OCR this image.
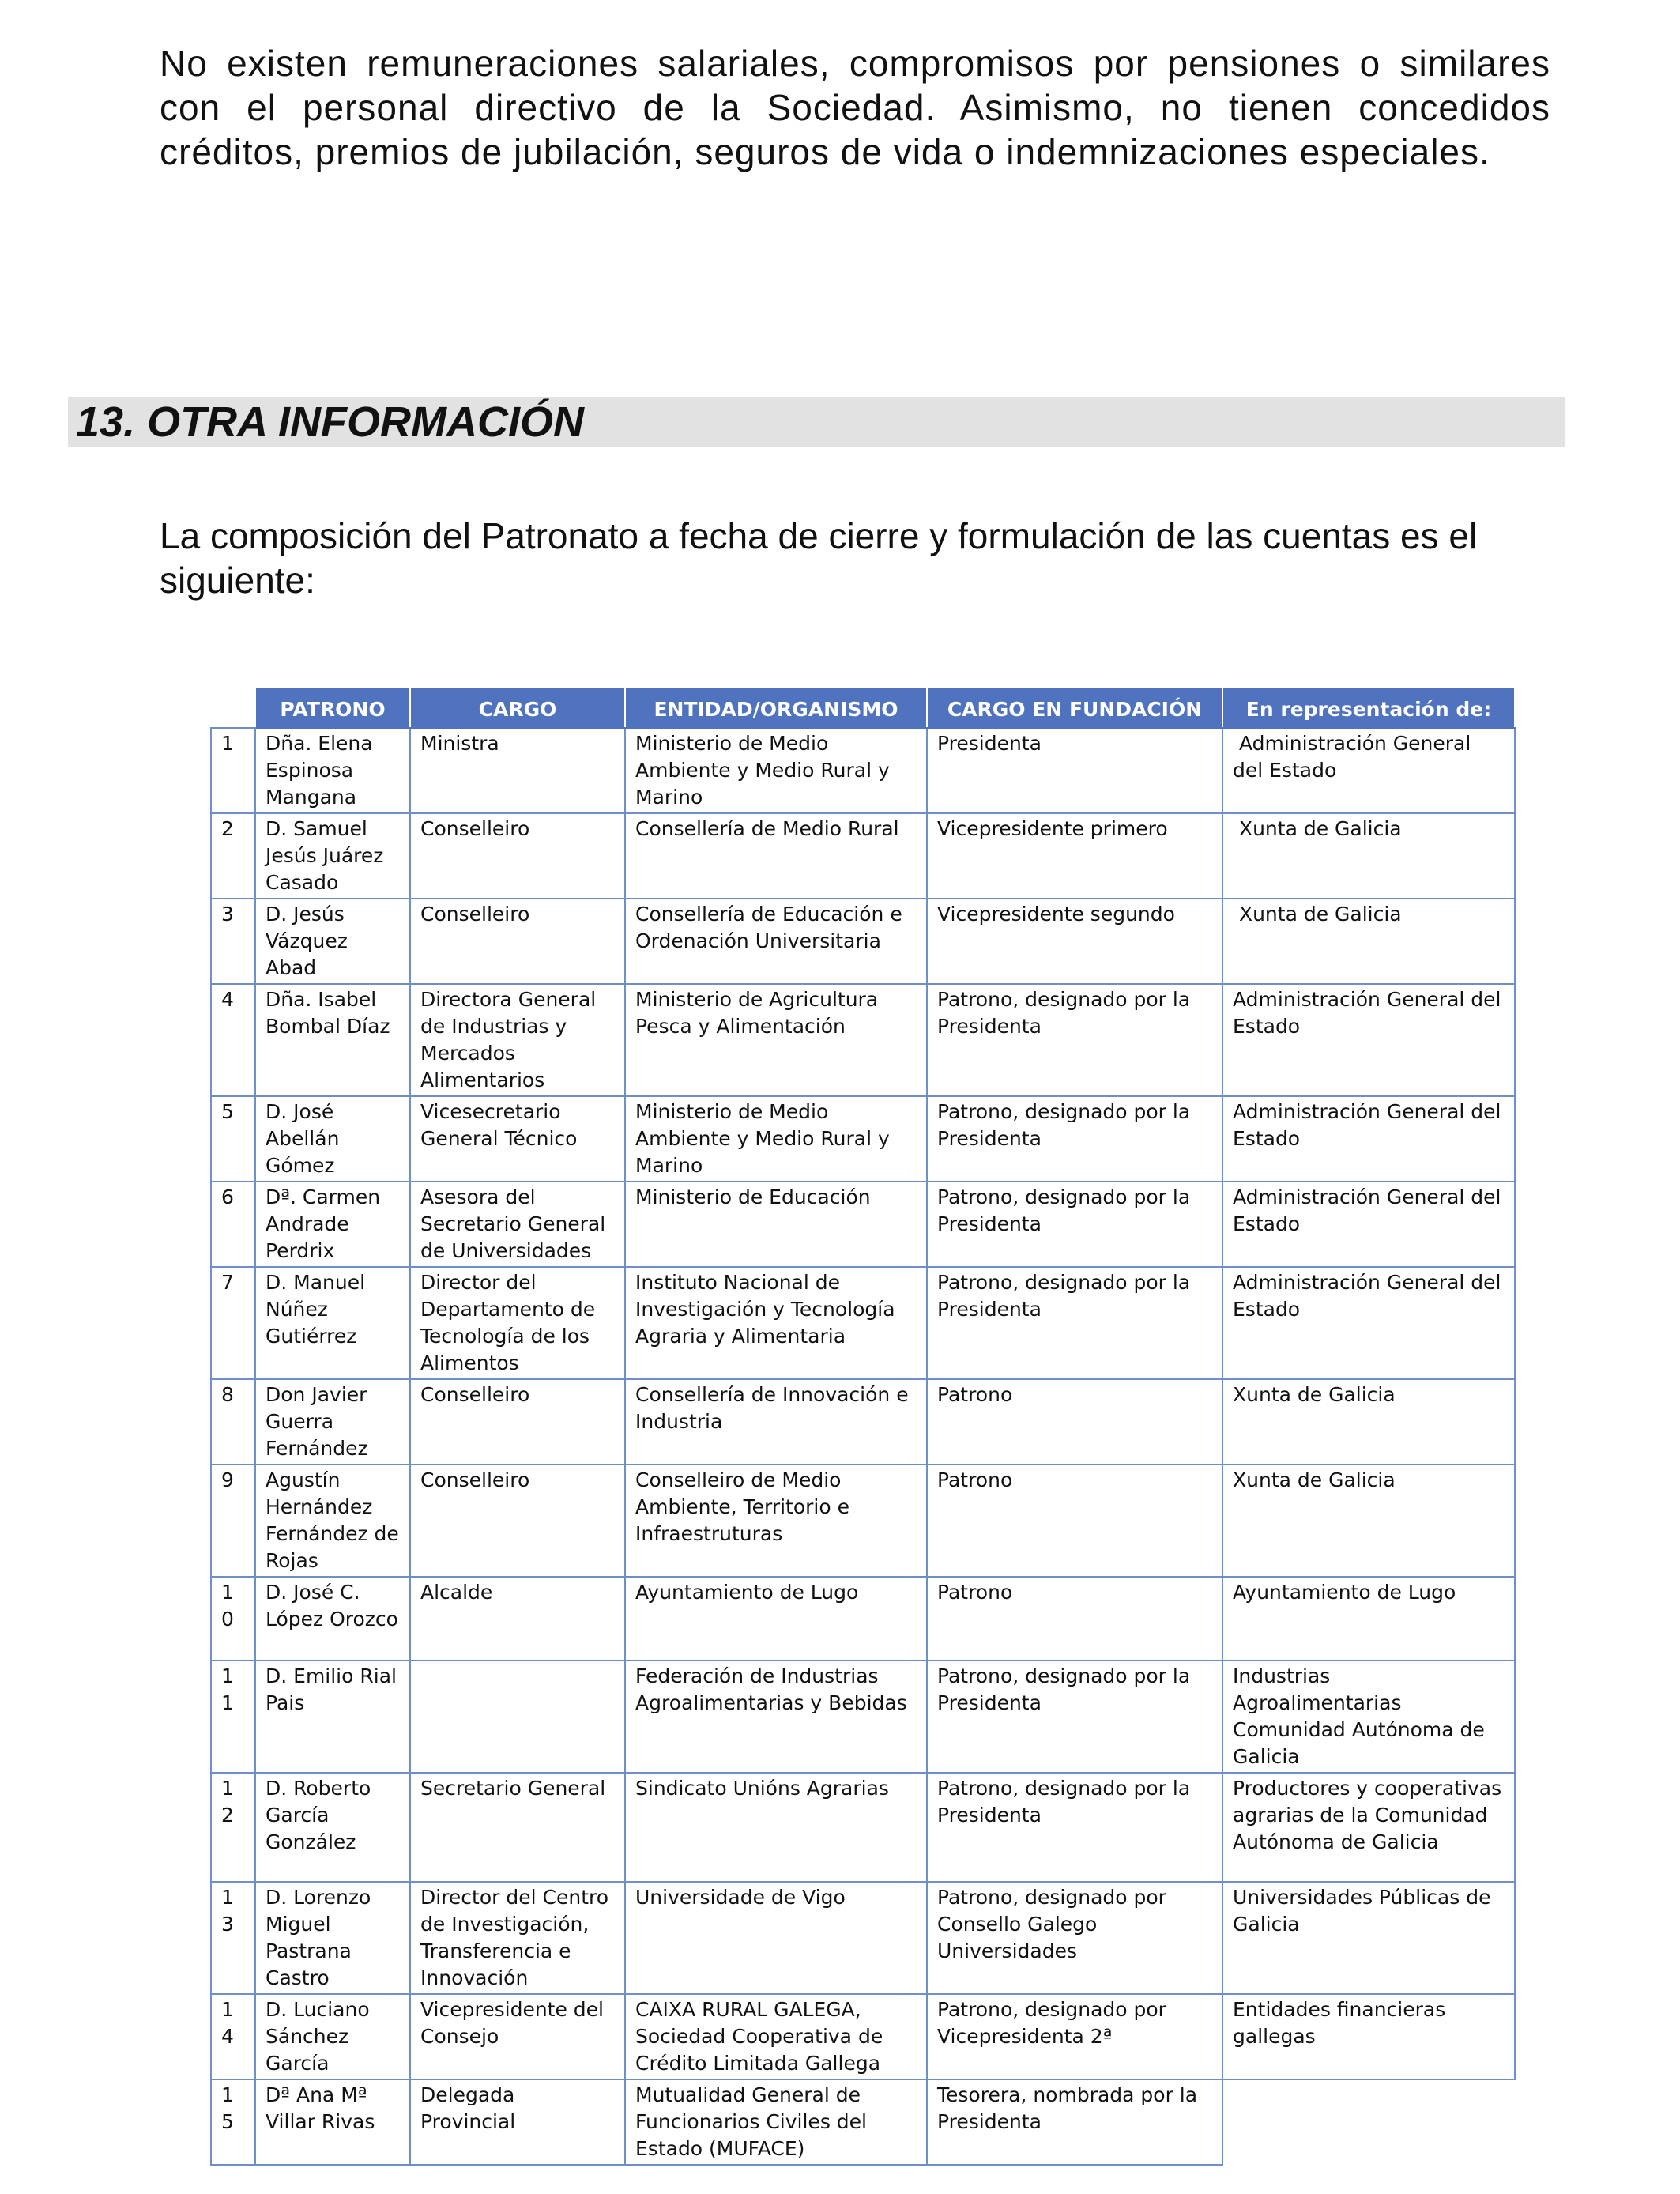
No existen remuneraciones salariales, compromisos por pensiones o similares con el personal directivo de la Sociedad. Asimismo, no tienen concedidos créditos, premios de jubilación, seguros de vida o indemnizaciones especiales.
13. OTRA INFORMACIÓN
La composición del Patronato a fecha de cierre y formulación de las cuentas es el siguiente:
	PATRONO	CARGO	ENTIDAD/ORGANISMO	CARGO EN FUNDACIÓN	En representación de:
1	Dña. Elena Espinosa Mangana	Ministra	Ministerio de Medio Ambiente y Medio Rural y Marino	Presidenta	Administración General del Estado
2	D. Samuel Jesús Juárez Casado	Conselleiro	Consellería de Medio Rural	Vicepresidente primero	Xunta de Galicia
3	D. Jesús Vázquez Abad	Conselleiro	Consellería de Educación e Ordenación Universitaria	Vicepresidente segundo	Xunta de Galicia
4	Dña. Isabel Bombal Díaz	Directora General de Industrias y Mercados Alimentarios	Ministerio de Agricultura Pesca y Alimentación	Patrono, designado por la Presidenta	Administración General del Estado
5	D. José Abellán Gómez	Vicesecretario General Técnico	Ministerio de Medio Ambiente y Medio Rural y Marino	Patrono, designado por la Presidenta	Administración General del Estado
6	Dª. Carmen Andrade Perdrix	Asesora del Secretario General de Universidades	Ministerio de Educación	Patrono, designado por la Presidenta	Administración General del Estado
7	D. Manuel Núñez Gutiérrez	Director del Departamento de Tecnología de los Alimentos	Instituto Nacional de Investigación y Tecnología Agraria y Alimentaria	Patrono, designado por la Presidenta	Administración General del Estado
8	Don Javier Guerra Fernández	Conselleiro	Consellería de Innovación e Industria	Patrono	Xunta de Galicia
9	Agustín Hernández Fernández de Rojas	Conselleiro	Conselleiro de Medio Ambiente, Territorio e Infraestruturas	Patrono	Xunta de Galicia
10	D. José C. López Orozco	Alcalde	Ayuntamiento de Lugo	Patrono	Ayuntamiento de Lugo
11	D. Emilio Rial Pais		Federación de Industrias Agroalimentarias y Bebidas	Patrono, designado por la Presidenta	Industrias Agroalimentarias Comunidad Autónoma de Galicia
12	D. Roberto García González	Secretario General	Sindicato Unións Agrarias	Patrono, designado por la Presidenta	Productores y cooperativas agrarias de la Comunidad Autónoma de Galicia
13	D. Lorenzo Miguel Pastrana Castro	Director del Centro de Investigación, Transferencia e Innovación	Universidade de Vigo	Patrono, designado por Consello Galego Universidades	Universidades Públicas de Galicia
14	D. Luciano Sánchez García	Vicepresidente del Consejo	CAIXA RURAL GALEGA, Sociedad Cooperativa de Crédito Limitada Gallega	Patrono, designado por Vicepresidenta 2ª	Entidades financieras gallegas
15	Dª Ana Mª Villar Rivas	Delegada Provincial	Mutualidad General de Funcionarios Civiles del Estado (MUFACE)	Tesorera, nombrada por la Presidenta	
